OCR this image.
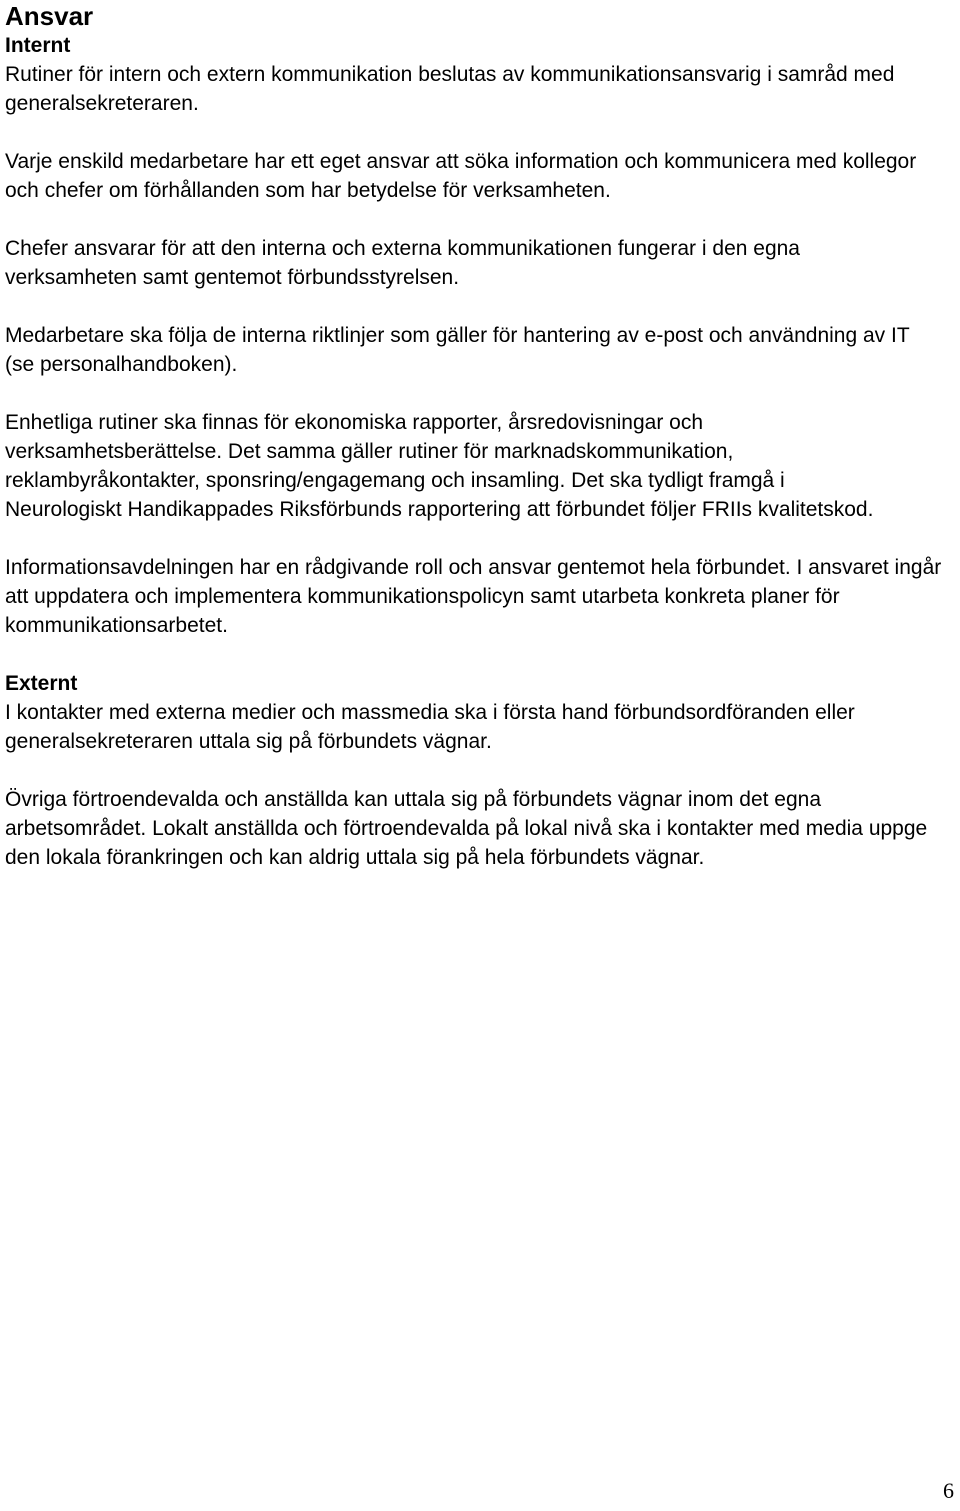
Ansvar
Internt

Rutiner för intern och extern kommunikation beslutas av kommunikationsansvarig i samråd med generalsekreteraren.

Varje enskild medarbetare har ett eget ansvar att söka information och kommunicera med kollegor och chefer om förhållanden som har betydelse för verksamheten.

Chefer ansvarar för att den interna och externa kommunikationen fungerar i den egna verksamheten samt gentemot förbundsstyrelsen.

Medarbetare ska följa de interna riktlinjer som gäller för hantering av e-post och användning av IT (se personalhandboken).

Enhetliga rutiner ska finnas för ekonomiska rapporter, årsredovisningar och verksamhetsberättelse. Det samma gäller rutiner för marknadskommunikation, reklambyråkontakter, sponsring/engagemang och insamling. Det ska tydligt framgå i Neurologiskt Handikappades Riksförbunds rapportering att förbundet följer FRIIs kvalitetskod.

Informationsavdelningen har en rådgivande roll och ansvar gentemot hela förbundet. I ansvaret ingår att uppdatera och implementera kommunikationspolicyn samt utarbeta konkreta planer för kommunikationsarbetet.

Externt

I kontakter med externa medier och massmedia ska i första hand förbundsordföranden eller generalsekreteraren uttala sig på förbundets vägnar.

Övriga förtroendevalda och anställda kan uttala sig på förbundets vägnar inom det egna arbetsområdet. Lokalt anställda och förtroendevalda på lokal nivå ska i kontakter med media uppge den lokala förankringen och kan aldrig uttala sig på hela förbundets vägnar.

6
